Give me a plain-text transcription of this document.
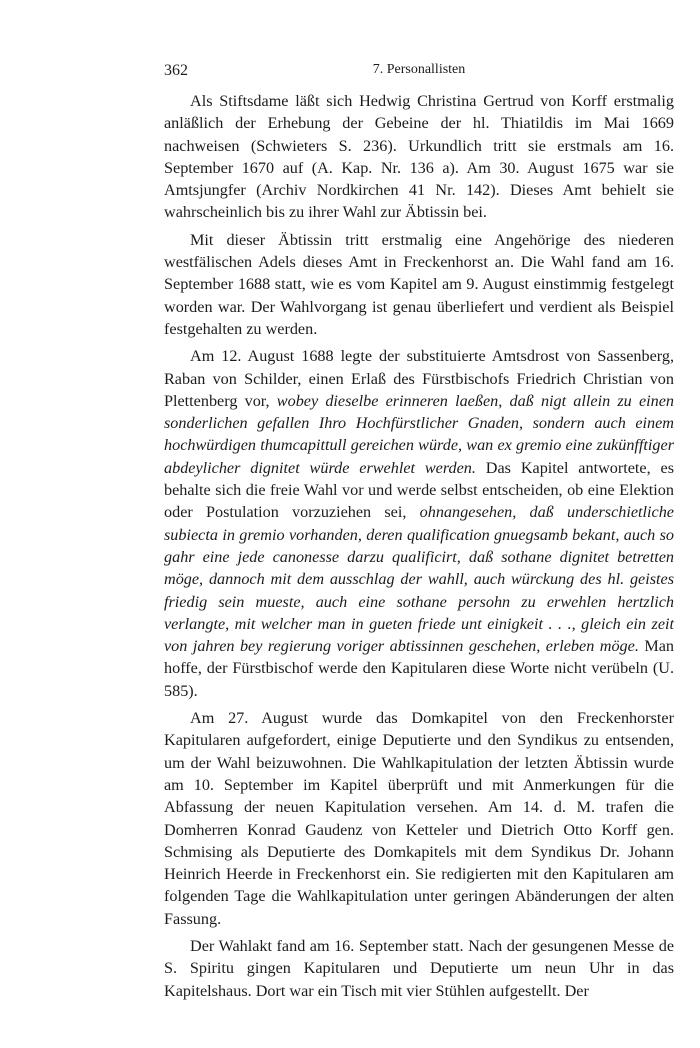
362	7. Personallisten

Als Stiftsdame läßt sich Hedwig Christina Gertrud von Korff erstmalig anläßlich der Erhebung der Gebeine der hl. Thiatildis im Mai 1669 nachweisen (Schwieters S. 236). Urkundlich tritt sie erstmals am 16. September 1670 auf (A. Kap. Nr. 136 a). Am 30. August 1675 war sie Amtsjungfer (Archiv Nordkirchen 41 Nr. 142). Dieses Amt behielt sie wahrscheinlich bis zu ihrer Wahl zur Äbtissin bei.

Mit dieser Äbtissin tritt erstmalig eine Angehörige des niederen westfälischen Adels dieses Amt in Freckenhorst an. Die Wahl fand am 16. September 1688 statt, wie es vom Kapitel am 9. August einstimmig festgelegt worden war. Der Wahlvorgang ist genau überliefert und verdient als Beispiel festgehalten zu werden.

Am 12. August 1688 legte der substituierte Amtsdrost von Sassenberg, Raban von Schilder, einen Erlaß des Fürstbischofs Friedrich Christian von Plettenberg vor, wobey dieselbe erinneren laeßen, daß nigt allein zu einen sonderlichen gefallen Ihro Hochfürstlicher Gnaden, sondern auch einem hochwürdigen thumcapittull gereichen würde, wan ex gremio eine zukünfftiger abdeylicher dignitet würde erwehlet werden. Das Kapitel antwortete, es behalte sich die freie Wahl vor und werde selbst entscheiden, ob eine Elektion oder Postulation vorzuziehen sei, ohnangesehen, daß underschietliche subiecta in gremio vorhanden, deren qualification gnuegsamb bekant, auch so gahr eine jede canonesse darzu qualificirt, daß sothane dignitet betretten möge, dannoch mit dem ausschlag der wahll, auch würckung des hl. geistes friedig sein mueste, auch eine sothane persohn zu erwehlen hertzlich verlangte, mit welcher man in gueten friede unt einigkeit . . ., gleich ein zeit von jahren bey regierung voriger abtissinnen geschehen, erleben möge. Man hoffe, der Fürstbischof werde den Kapitularen diese Worte nicht verübeln (U. 585).

Am 27. August wurde das Domkapitel von den Freckenhorster Kapitularen aufgefordert, einige Deputierte und den Syndikus zu entsenden, um der Wahl beizuwohnen. Die Wahlkapitulation der letzten Äbtissin wurde am 10. September im Kapitel überprüft und mit Anmerkungen für die Abfassung der neuen Kapitulation versehen. Am 14. d. M. trafen die Domherren Konrad Gaudenz von Ketteler und Dietrich Otto Korff gen. Schmising als Deputierte des Domkapitels mit dem Syndikus Dr. Johann Heinrich Heerde in Freckenhorst ein. Sie redigierten mit den Kapitularen am folgenden Tage die Wahlkapitulation unter geringen Abänderungen der alten Fassung.

Der Wahlakt fand am 16. September statt. Nach der gesungenen Messe de S. Spiritu gingen Kapitularen und Deputierte um neun Uhr in das Kapitelshaus. Dort war ein Tisch mit vier Stühlen aufgestellt. Der
